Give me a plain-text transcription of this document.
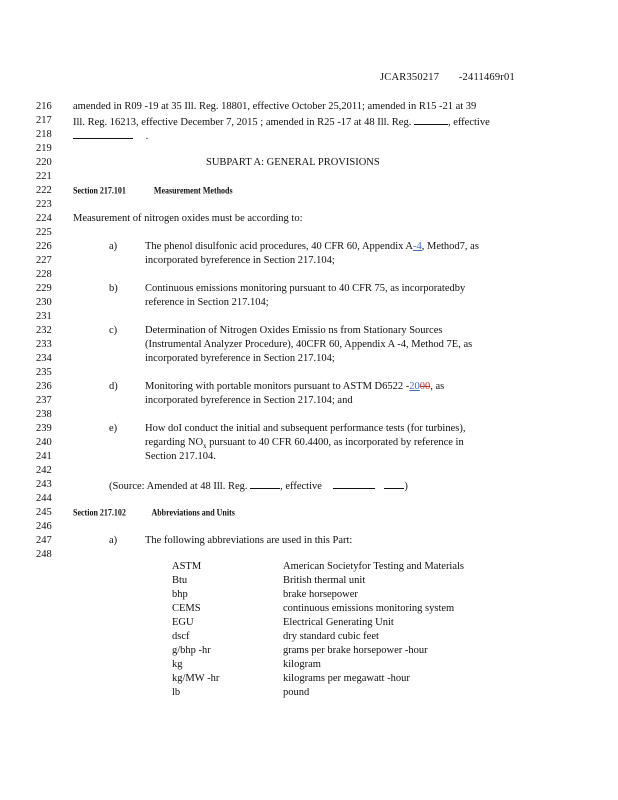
JCAR350217 -2411469r01
216
217
218
219
220
221
222
223
224
225
226
227
228
229
230
231
232
233
234
235
236
237
238
239
240
241
242
243
244
245
246
247
248
amended in R09 -19 at 35 Ill. Reg. 18801, effective October 25,2011; amended in R15 -21 at 39
Ill. Reg. 16213, effective December 7, 2015 ; amended in R25 -17 at 48 Ill. Reg.	, effective
.
SUBPART A: GENERAL PROVISIONS
Section 217.101	Measurement Methods
Measurement of nitrogen oxides must be according to:
a)	The phenol disulfonic acid procedures, 40 CFR 60, Appendix A-4, Method7, as
incorporated byreference in Section 217.104;
b)	Continuous emissions monitoring pursuant to 40 CFR 75, as incorporatedby
reference in Section 217.104;
c)	Determination of Nitrogen Oxides Emissio ns from Stationary Sources
(Instrumental Analyzer Procedure), 40CFR 60, Appendix A -4, Method 7E, as
incorporated byreference in Section 217.104;
d)	Monitoring with portable monitors pursuant to ASTM D6522 -2000, as
incorporated byreference in Section 217.104; and
e)	How doI conduct the initial and subsequent performance tests (for turbines),
regarding $NO_x$ pursuant to 40 CFR 60.4400, as incorporated by reference in
Section 217.104.
(Source: Amended at 48 Ill. Reg.	, effective	)
Section 217.102	Abbreviations and Units
a)	The following abbreviations are used in this Part:
ASTM	American Societyfor Testing and Materials
Btu	British thermal unit
bhp	brake horsepower
CEMS	continuous emissions monitoring system
EGU	Electrical Generating Unit
dscf	dry standard cubic feet
g/bhp -hr	grams per brake horsepower -hour
kg	kilogram
kg/MW -hr	kilograms per megawatt -hour
lb	pound
